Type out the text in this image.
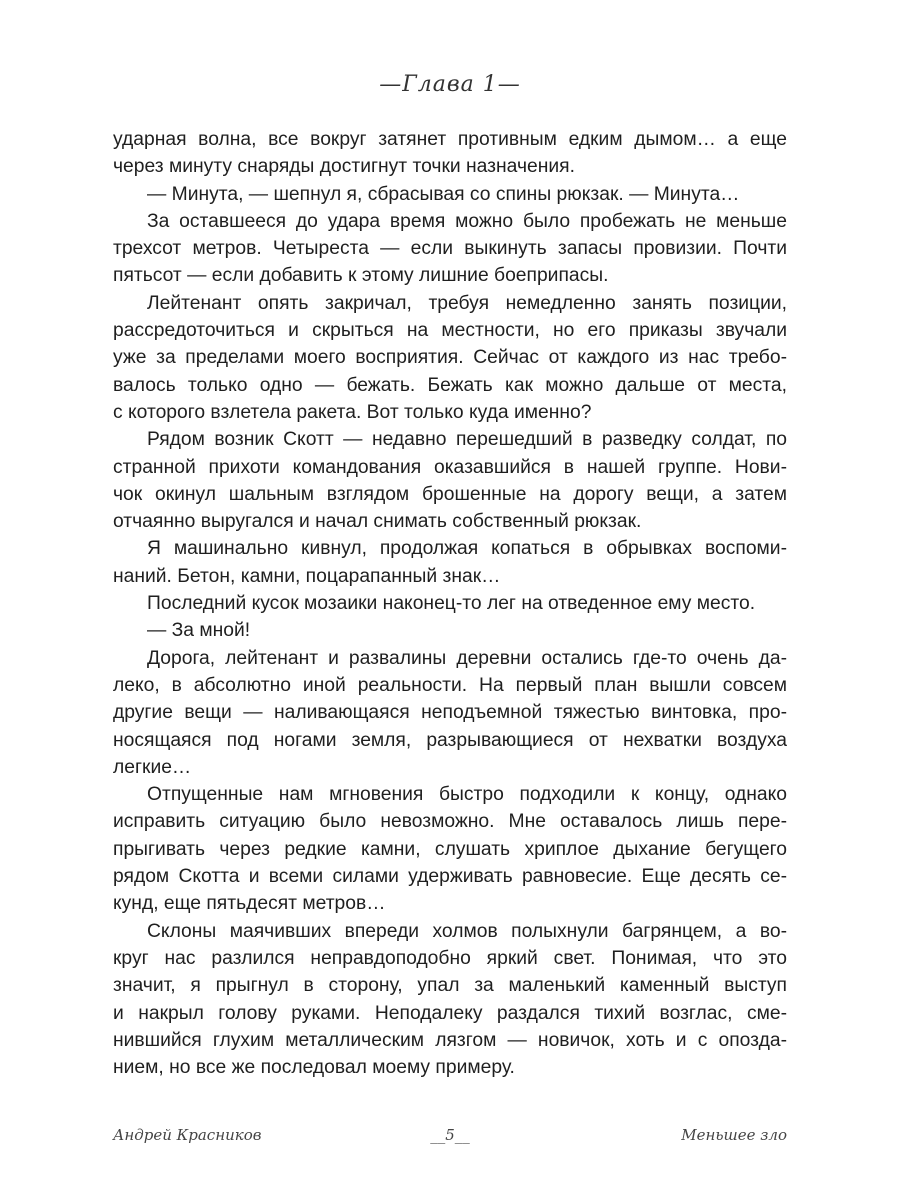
—Глава 1—
ударная волна, все вокруг затянет противным едким дымом… а еще
через минуту снаряды достигнут точки назначения.
— Минута, — шепнул я, сбрасывая со спины рюкзак. — Минута…
За оставшееся до удара время можно было пробежать не меньше
трехсот метров. Четыреста — если выкинуть запасы провизии. Почти
пятьсот — если добавить к этому лишние боеприпасы.
Лейтенант опять закричал, требуя немедленно занять позиции,
рассредоточиться и скрыться на местности, но его приказы звучали
уже за пределами моего восприятия. Сейчас от каждого из нас требо-
валось только одно — бежать. Бежать как можно дальше от места,
с которого взлетела ракета. Вот только куда именно?
Рядом возник Скотт — недавно перешедший в разведку солдат, по
странной прихоти командования оказавшийся в нашей группе. Нови-
чок окинул шальным взглядом брошенные на дорогу вещи, а затем
отчаянно выругался и начал снимать собственный рюкзак.
Я машинально кивнул, продолжая копаться в обрывках воспоми-
наний. Бетон, камни, поцарапанный знак…
Последний кусок мозаики наконец-то лег на отведенное ему место.
— За мной!
Дорога, лейтенант и развалины деревни остались где-то очень да-
леко, в абсолютно иной реальности. На первый план вышли совсем
другие вещи — наливающаяся неподъемной тяжестью винтовка, про-
носящаяся под ногами земля, разрывающиеся от нехватки воздуха
легкие…
Отпущенные нам мгновения быстро подходили к концу, однако
исправить ситуацию было невозможно. Мне оставалось лишь пере-
прыгивать через редкие камни, слушать хриплое дыхание бегущего
рядом Скотта и всеми силами удерживать равновесие. Еще десять се-
кунд, еще пятьдесят метров…
Склоны маячивших впереди холмов полыхнули багрянцем, а во-
круг нас разлился неправдоподобно яркий свет. Понимая, что это
значит, я прыгнул в сторону, упал за маленький каменный выступ
и накрыл голову руками. Неподалеку раздался тихий возглас, сме-
нившийся глухим металлическим лязгом — новичок, хоть и с опозда-
нием, но все же последовал моему примеру.
Андрей Красников	__5__	Меньшее зло
